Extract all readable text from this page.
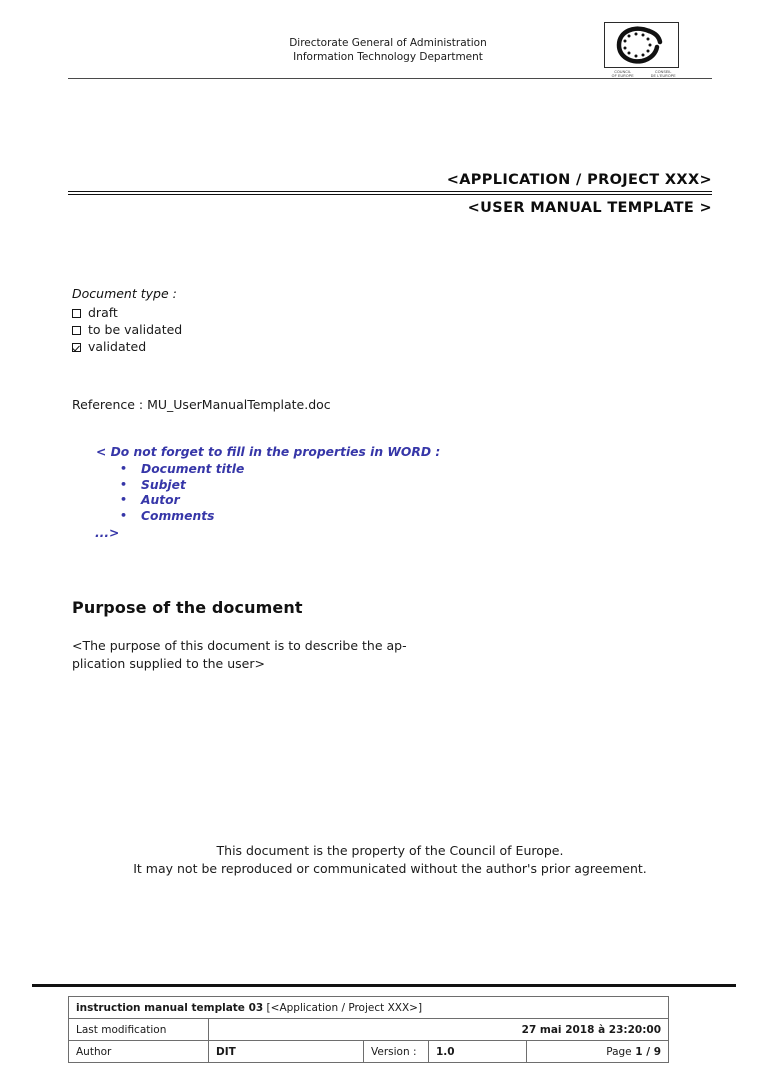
Directorate General of Administration
Information Technology Department
COUNCIL
OF EUROPE
CONSEIL
DE L'EUROPE
<APPLICATION / PROJECT XXX>
<USER MANUAL TEMPLATE >
Document type :
draft
to be validated
validated
Reference : MU_UserManualTemplate.doc
< Do not forget to fill in the properties in WORD :
• Document title
• Subjet
• Autor
• Comments
...>
Purpose of the document
<The purpose of this document is to describe the ap-
plication supplied to the user>
This document is the property of the Council of Europe.
It may not be reproduced or communicated without the author's prior agreement.
instruction manual template 03 [<Application / Project XXX>]				
Last modification	27 mai 2018 à 23:20:00			
Author	DIT	Version :	1.0	Page 1 / 9
